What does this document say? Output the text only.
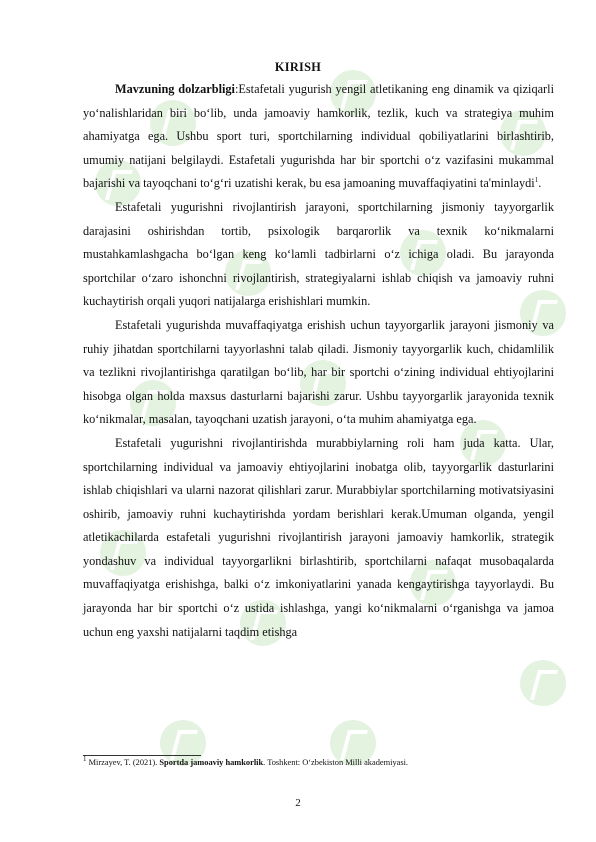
KIRISH

Mavzuning dolzarbligi:Estafetali yugurish yengil atletikaning eng dinamik va qiziqarli yo‘nalishlaridan biri bo‘lib, unda jamoaviy hamkorlik, tezlik, kuch va strategiya muhim ahamiyatga ega. Ushbu sport turi, sportchilarning individual qobiliyatlarini birlashtirib, umumiy natijani belgilaydi. Estafetali yugurishda har bir sportchi o‘z vazifasini mukammal bajarishi va tayoqchani to‘g‘ri uzatishi kerak, bu esa jamoaning muvaffaqiyatini ta'minlaydi$^1$.

Estafetali yugurishni rivojlantirish jarayoni, sportchilarning jismoniy tayyorgarlik darajasini oshirishdan tortib, psixologik barqarorlik va texnik ko‘nikmalarni mustahkamlashgacha bo‘lgan keng ko‘lamli tadbirlarni o‘z ichiga oladi. Bu jarayonda sportchilar o‘zaro ishonchni rivojlantirish, strategiyalarni ishlab chiqish va jamoaviy ruhni kuchaytirish orqali yuqori natijalarga erishishlari mumkin.

Estafetali yugurishda muvaffaqiyatga erishish uchun tayyorgarlik jarayoni jismoniy va ruhiy jihatdan sportchilarni tayyorlashni talab qiladi. Jismoniy tayyorgarlik kuch, chidamlilik va tezlikni rivojlantirishga qaratilgan bo‘lib, har bir sportchi o‘zining individual ehtiyojlarini hisobga olgan holda maxsus dasturlarni bajarishi zarur. Ushbu tayyorgarlik jarayonida texnik ko‘nikmalar, masalan, tayoqchani uzatish jarayoni, o‘ta muhim ahamiyatga ega.

Estafetali yugurishni rivojlantirishda murabbiylarning roli ham juda katta. Ular, sportchilarning individual va jamoaviy ehtiyojlarini inobatga olib, tayyorgarlik dasturlarini ishlab chiqishlari va ularni nazorat qilishlari zarur. Murabbiylar sportchilarning motivatsiyasini oshirib, jamoaviy ruhni kuchaytirishda yordam berishlari kerak.Umuman olganda, yengil atletikachilarda estafetali yugurishni rivojlantirish jarayoni jamoaviy hamkorlik, strategik yondashuv va individual tayyorgarlikni birlashtirib, sportchilarni nafaqat musobaqalarda muvaffaqiyatga erishishga, balki o‘z imkoniyatlarini yanada kengaytirishga tayyorlaydi. Bu jarayonda har bir sportchi o‘z ustida ishlashga, yangi ko‘nikmalarni o‘rganishga va jamoa uchun eng yaxshi natijalarni taqdim etishga

$^1$ Mirzayev, T. (2021). Sportda jamoaviy hamkorlik. Toshkent: O‘zbekiston Milli akademiyasi.
2
